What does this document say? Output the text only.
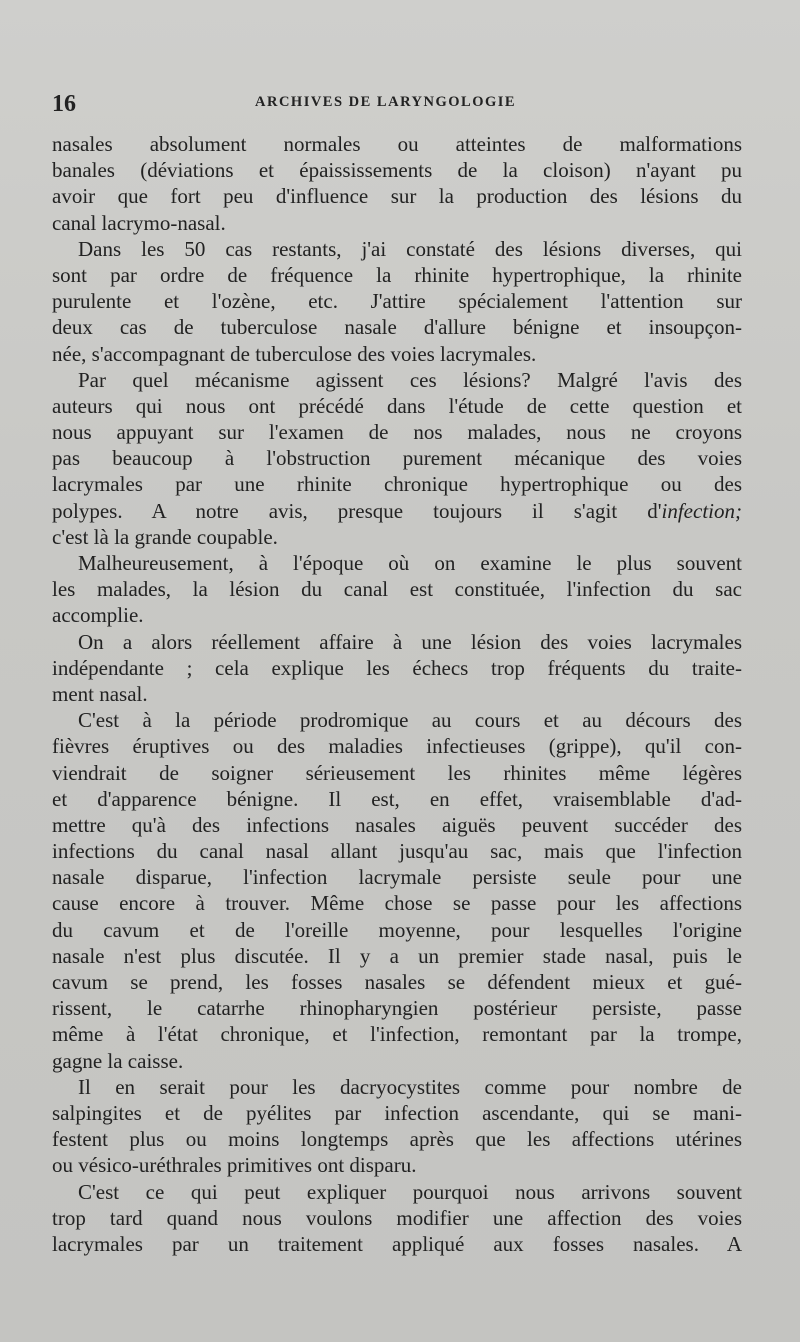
16	ARCHIVES DE LARYNGOLOGIE
nasales absolument normales ou atteintes de malformations
banales (déviations et épaississements de la cloison) n'ayant pu
avoir que fort peu d'influence sur la production des lésions du
canal lacrymo-nasal.
Dans les 50 cas restants, j'ai constaté des lésions diverses, qui
sont par ordre de fréquence la rhinite hypertrophique, la rhinite
purulente et l'ozène, etc. J'attire spécialement l'attention sur
deux cas de tuberculose nasale d'allure bénigne et insoupçon-
née, s'accompagnant de tuberculose des voies lacrymales.
Par quel mécanisme agissent ces lésions? Malgré l'avis des
auteurs qui nous ont précédé dans l'étude de cette question et
nous appuyant sur l'examen de nos malades, nous ne croyons
pas beaucoup à l'obstruction purement mécanique des voies
lacrymales par une rhinite chronique hypertrophique ou des
polypes. A notre avis, presque toujours il s'agit d'infection;
c'est là la grande coupable.
Malheureusement, à l'époque où on examine le plus souvent
les malades, la lésion du canal est constituée, l'infection du sac
accomplie.
On a alors réellement affaire à une lésion des voies lacrymales
indépendante ; cela explique les échecs trop fréquents du traite-
ment nasal.
C'est à la période prodromique au cours et au décours des
fièvres éruptives ou des maladies infectieuses (grippe), qu'il con-
viendrait de soigner sérieusement les rhinites même légères
et d'apparence bénigne. Il est, en effet, vraisemblable d'ad-
mettre qu'à des infections nasales aiguës peuvent succéder des
infections du canal nasal allant jusqu'au sac, mais que l'infection
nasale disparue, l'infection lacrymale persiste seule pour une
cause encore à trouver. Même chose se passe pour les affections
du cavum et de l'oreille moyenne, pour lesquelles l'origine
nasale n'est plus discutée. Il y a un premier stade nasal, puis le
cavum se prend, les fosses nasales se défendent mieux et gué-
rissent, le catarrhe rhinopharyngien postérieur persiste, passe
même à l'état chronique, et l'infection, remontant par la trompe,
gagne la caisse.
Il en serait pour les dacryocystites comme pour nombre de
salpingites et de pyélites par infection ascendante, qui se mani-
festent plus ou moins longtemps après que les affections utérines
ou vésico-uréthrales primitives ont disparu.
C'est ce qui peut expliquer pourquoi nous arrivons souvent
trop tard quand nous voulons modifier une affection des voies
lacrymales par un traitement appliqué aux fosses nasales. A
